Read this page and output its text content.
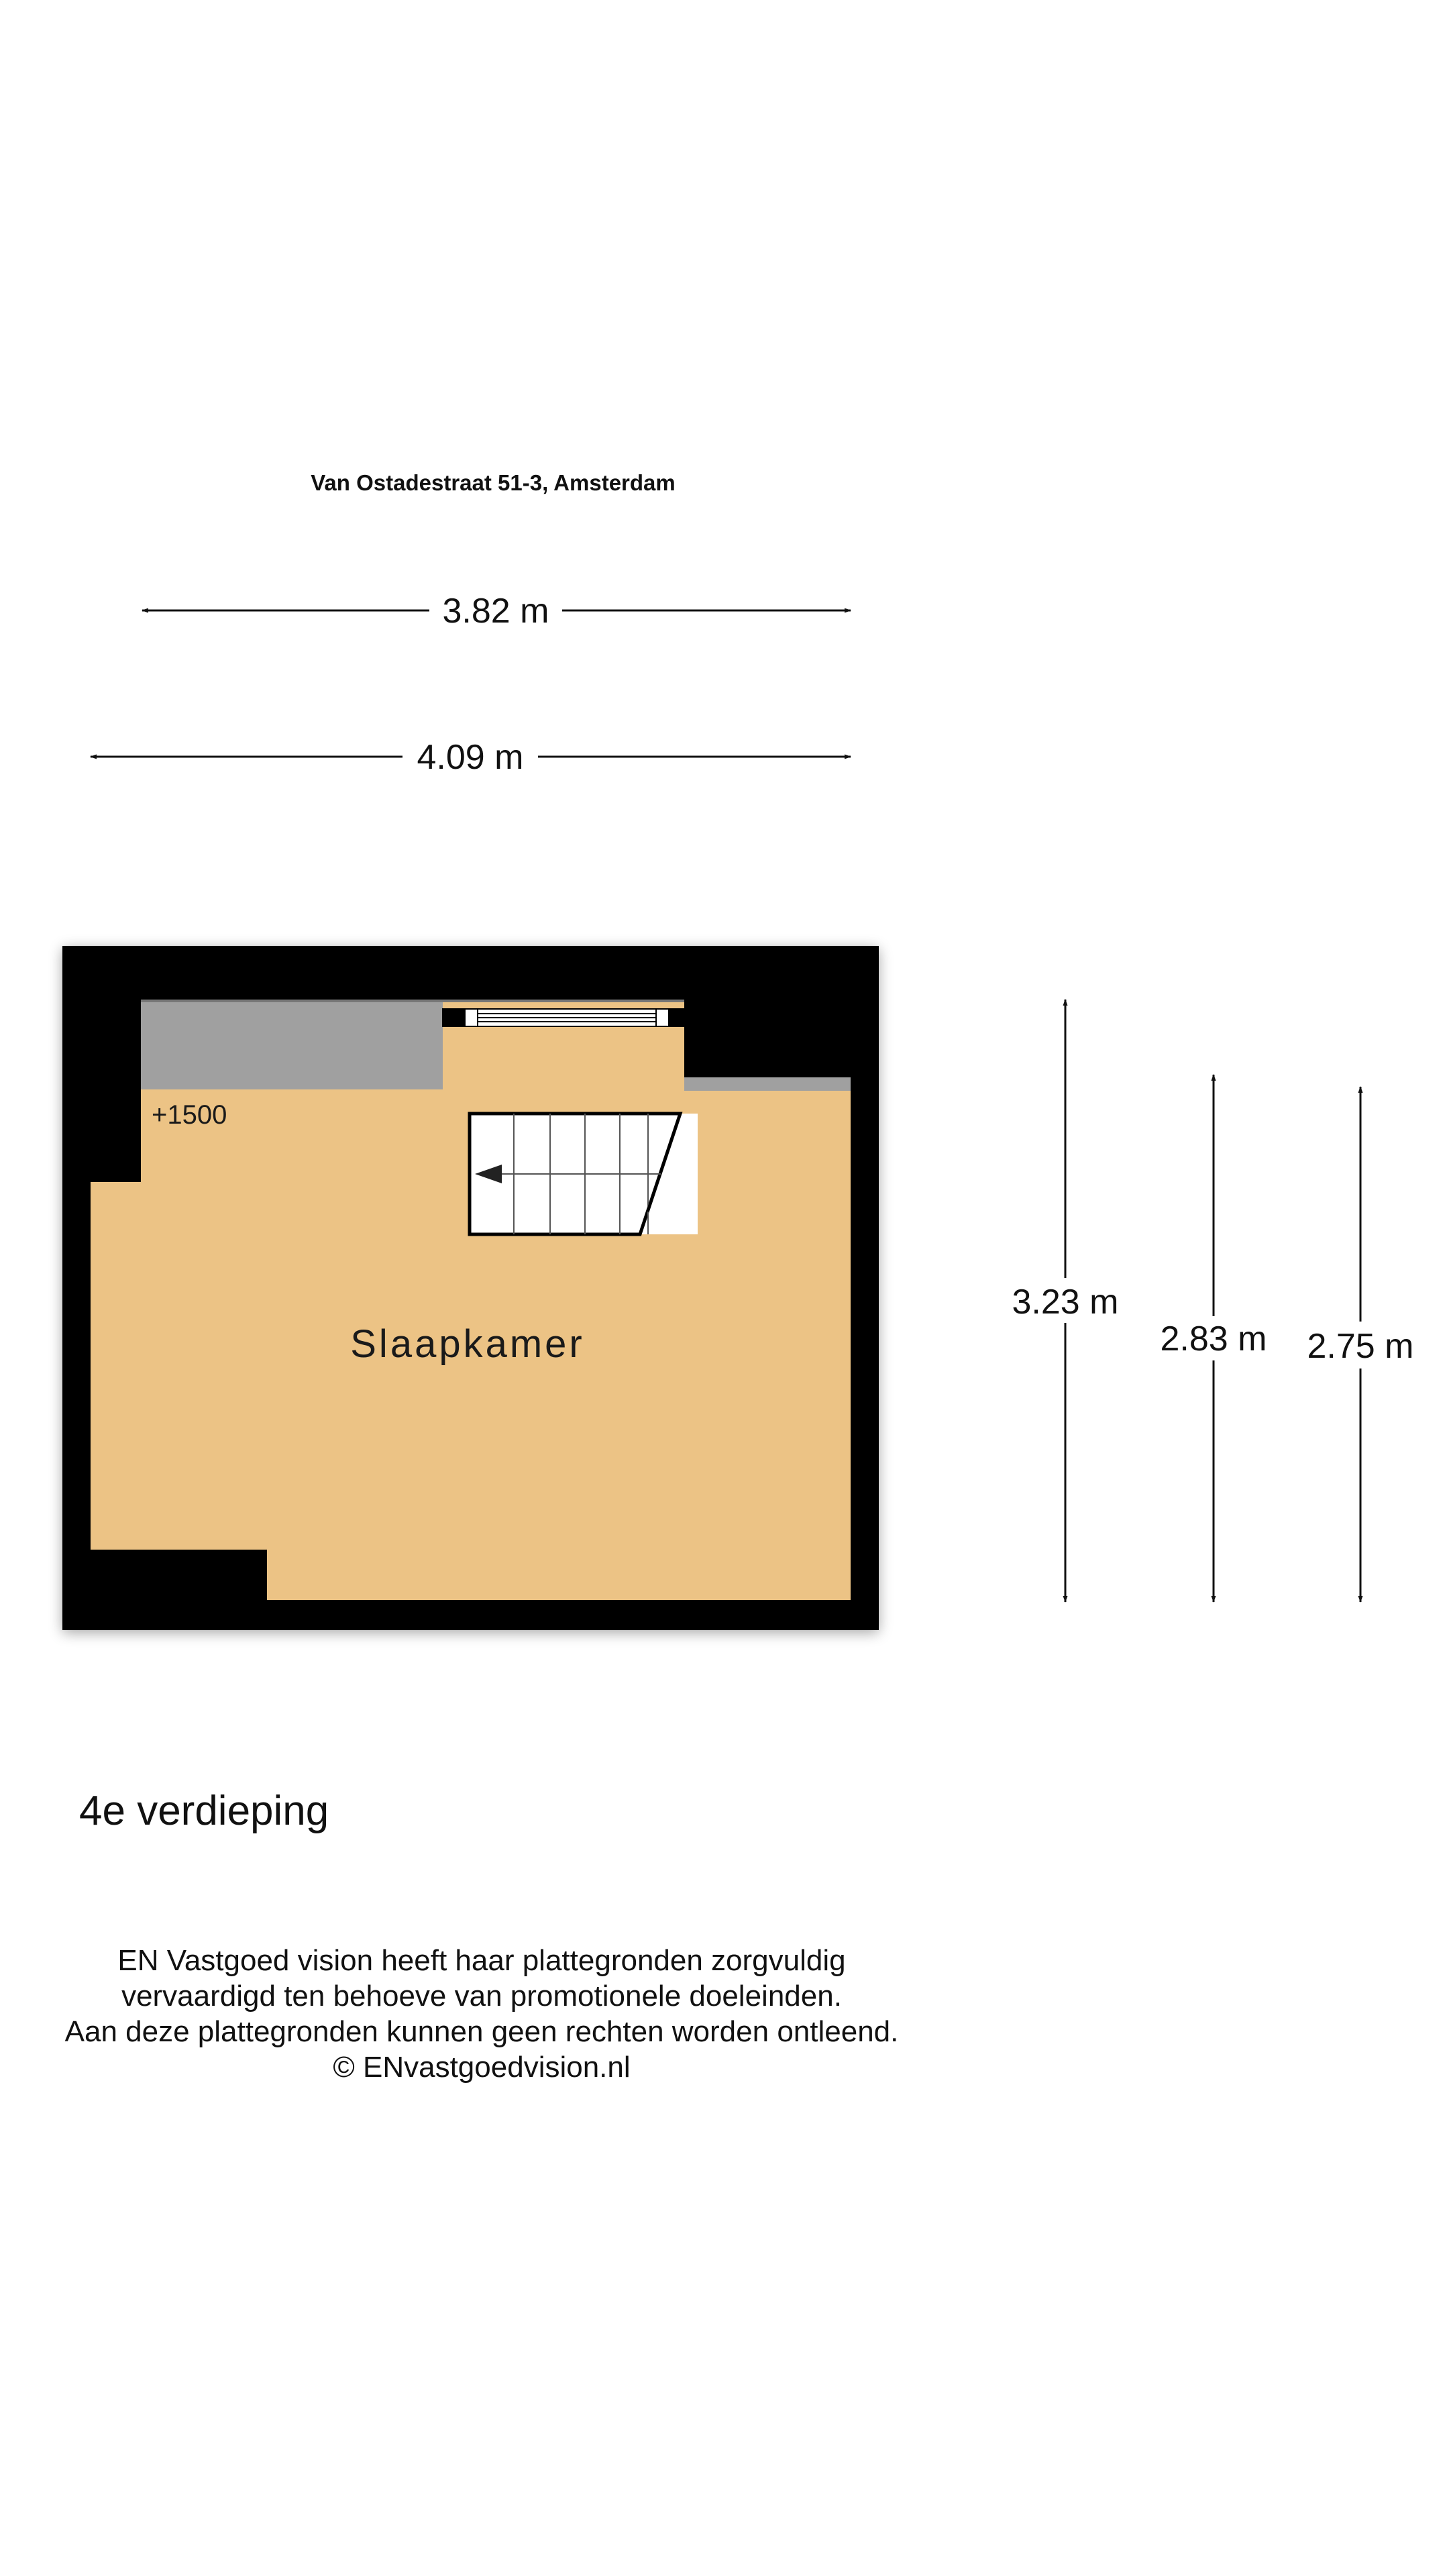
Van Ostadestraat 51-3, Amsterdam
3.82 m
4.09 m
+1500
Slaapkamer
3.23 m
2.83 m 2.75 m
4e verdieping
EN Vastgoed vision heeft haar plattegronden zorgvuldig
vervaardigd ten behoeve van promotionele doeleinden.
Aan deze plattegronden kunnen geen rechten worden ontleend.
© ENvastgoedvision.nl
